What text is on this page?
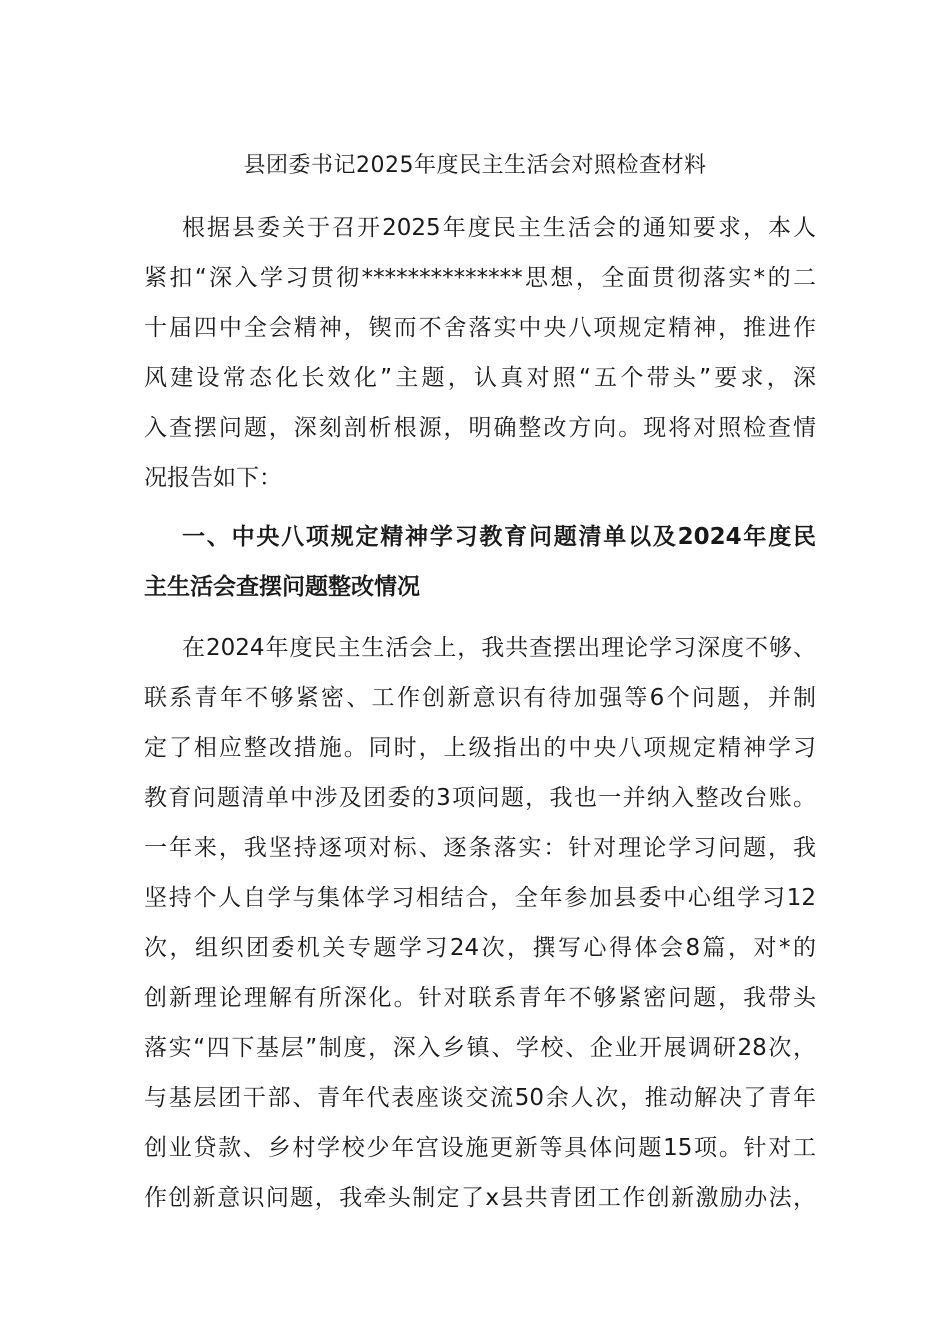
县团委书记2025年度民主生活会对照检查材料
根据县委关于召开2025年度民主生活会的通知要求，本人
紧扣“深入学习贯彻**************思想，全面贯彻落实*的二
十届四中全会精神，锲而不舍落实中央八项规定精神，推进作
风建设常态化长效化”主题，认真对照“五个带头”要求，深
入查摆问题，深刻剖析根源，明确整改方向。现将对照检查情
况报告如下：
一、中央八项规定精神学习教育问题清单以及2024年度民
主生活会查摆问题整改情况
在2024年度民主生活会上，我共查摆出理论学习深度不够、
联系青年不够紧密、工作创新意识有待加强等6个问题，并制
定了相应整改措施。同时，上级指出的中央八项规定精神学习
教育问题清单中涉及团委的3项问题，我也一并纳入整改台账。
一年来，我坚持逐项对标、逐条落实：针对理论学习问题，我
坚持个人自学与集体学习相结合，全年参加县委中心组学习12
次，组织团委机关专题学习24次，撰写心得体会8篇，对*的
创新理论理解有所深化。针对联系青年不够紧密问题，我带头
落实“四下基层”制度，深入乡镇、学校、企业开展调研28次，
与基层团干部、青年代表座谈交流50余人次，推动解决了青年
创业贷款、乡村学校少年宫设施更新等具体问题15项。针对工
作创新意识问题，我牵头制定了x县共青团工作创新激励办法，
